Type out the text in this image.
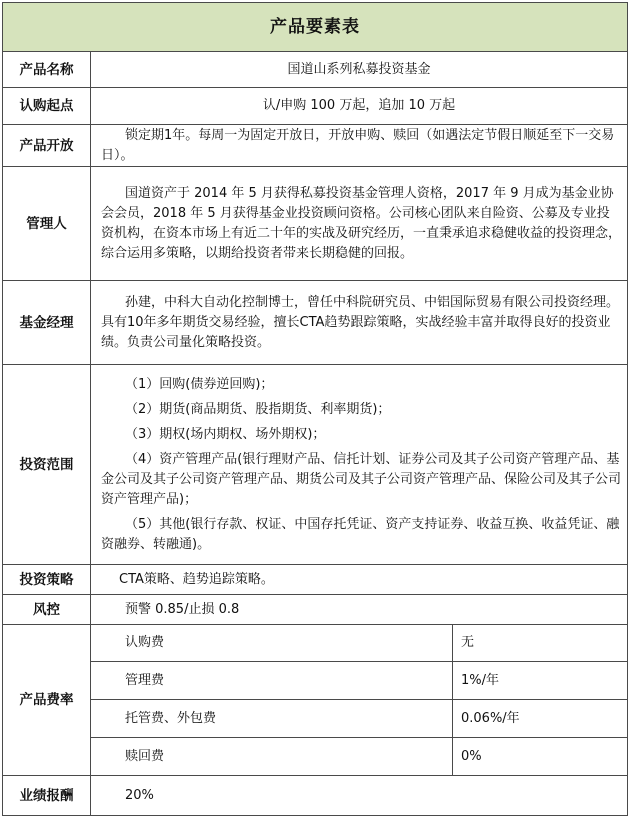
产品要素表		
产品名称	国道山系列私募投资基金	
认购起点	认/申购 100 万起，追加 10 万起	
产品开放	锁定期1年。每周一为固定开放日，开放申购、赎回（如遇法定节假日顺延至下一交易日）。	

管理人	国道资产于 2014 年 5 月获得私募投资基金管理人资格，2017 年 9 月成为基金业协会会员，2018 年 5 月获得基金业投资顾问资格。公司核心团队来自险资、公募及专业投资机构，在资本市场上有近二十年的实战及研究经历，一直秉承追求稳健收益的投资理念，综合运用多策略，以期给投资者带来长期稳健的回报。	

基金经理	孙建，中科大自动化控制博士，曾任中科院研究员、中铝国际贸易有限公司投资经理。 具有10年多年期货交易经验，擅长CTA趋势跟踪策略，实战经验丰富并取得良好的投资业绩。负责公司量化策略投资。	

投资范围	（1）回购(债券逆回购)；

（2）期货(商品期货、股指期货、利率期货)；

（3）期权(场内期权、场外期权)；

（4）资产管理产品(银行理财产品、信托计划、证券公司及其子公司资产管理产品、基金公司及其子公司资产管理产品、期货公司及其子公司资产管理产品、保险公司及其子公司资产管理产品)；

（5）其他(银行存款、权证、中国存托凭证、资产支持证券、收益互换、收益凭证、融资融券、转融通)。	

投资策略	CTA策略、趋势追踪策略。	
风控	预警 0.85/止损 0.8	
产品费率	认购费	无
	管理费	1%/年
	托管费、外包费	0.06%/年
	赎回费	0%
业绩报酬	20%	
